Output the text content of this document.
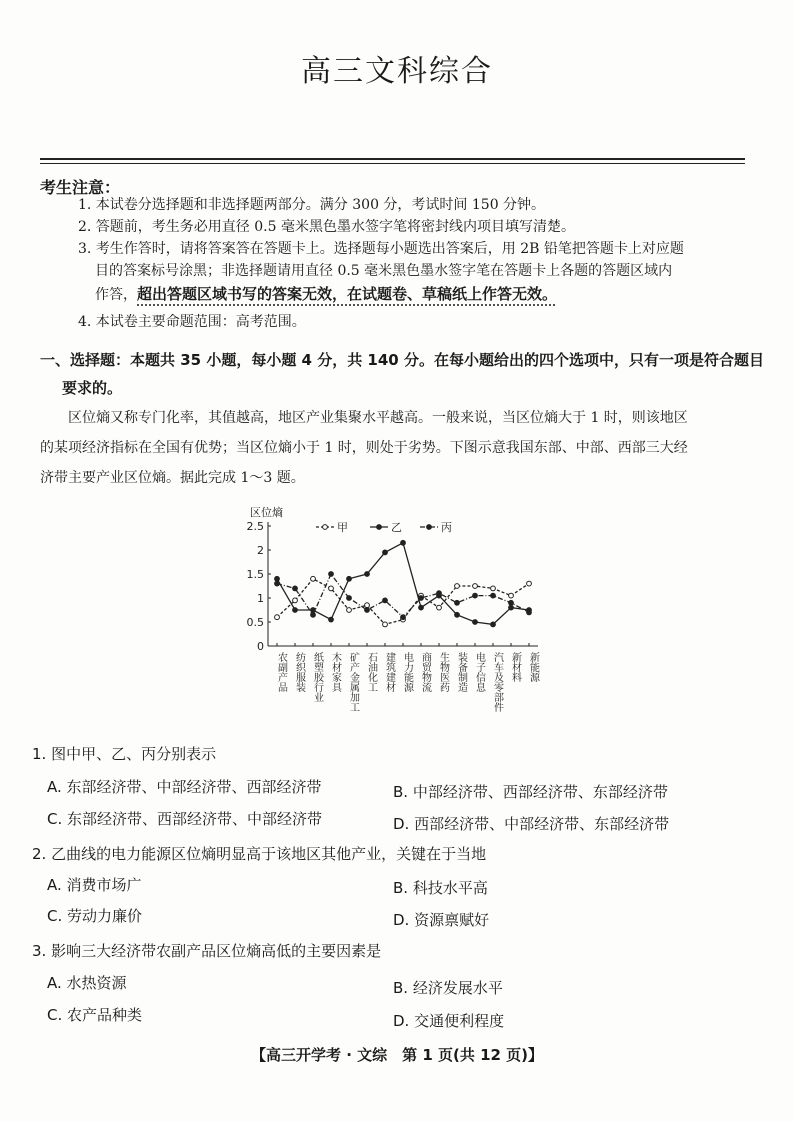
高三文科综合
考生注意：
1. 本试卷分选择题和非选择题两部分。满分 300 分，考试时间 150 分钟。
2. 答题前，考生务必用直径 0.5 毫米黑色墨水签字笔将密封线内项目填写清楚。
3. 考生作答时，请将答案答在答题卡上。选择题每小题选出答案后，用 2B 铅笔把答题卡上对应题
目的答案标号涂黑；非选择题请用直径 0.5 毫米黑色墨水签字笔在答题卡上各题的答题区域内
作答，超出答题区域书写的答案无效，在试题卷、草稿纸上作答无效。
4. 本试卷主要命题范围：高考范围。
一、选择题：本题共 35 小题，每小题 4 分，共 140 分。在每小题给出的四个选项中，只有一项是符合题目
要求的。
区位熵又称专门化率，其值越高，地区产业集聚水平越高。一般来说，当区位熵大于 1 时，则该地区
的某项经济指标在全国有优势；当区位熵小于 1 时，则处于劣势。下图示意我国东部、中部、西部三大经
济带主要产业区位熵。据此完成 1～3 题。
区位熵
0
0.5
1
1.5
2
2.5
农副产品 纺织服装 纸塑胶行业 木材家具 矿产金属加工 石油化工 建筑建材 电力能源 商贸物流 生物医药 装备制造 电子信息 汽车及零部件 新材料 新能源
甲	乙	丙
1. 图中甲、乙、丙分别表示
A. 东部经济带、中部经济带、西部经济带	B. 中部经济带、西部经济带、东部经济带
C. 东部经济带、西部经济带、中部经济带	D. 西部经济带、中部经济带、东部经济带
2. 乙曲线的电力能源区位熵明显高于该地区其他产业，关键在于当地
A. 消费市场广	B. 科技水平高
C. 劳动力廉价	D. 资源禀赋好
3. 影响三大经济带农副产品区位熵高低的主要因素是
A. 水热资源	B. 经济发展水平
C. 农产品种类	D. 交通便利程度
【高三开学考 · 文综　第 1 页(共 12 页)】
